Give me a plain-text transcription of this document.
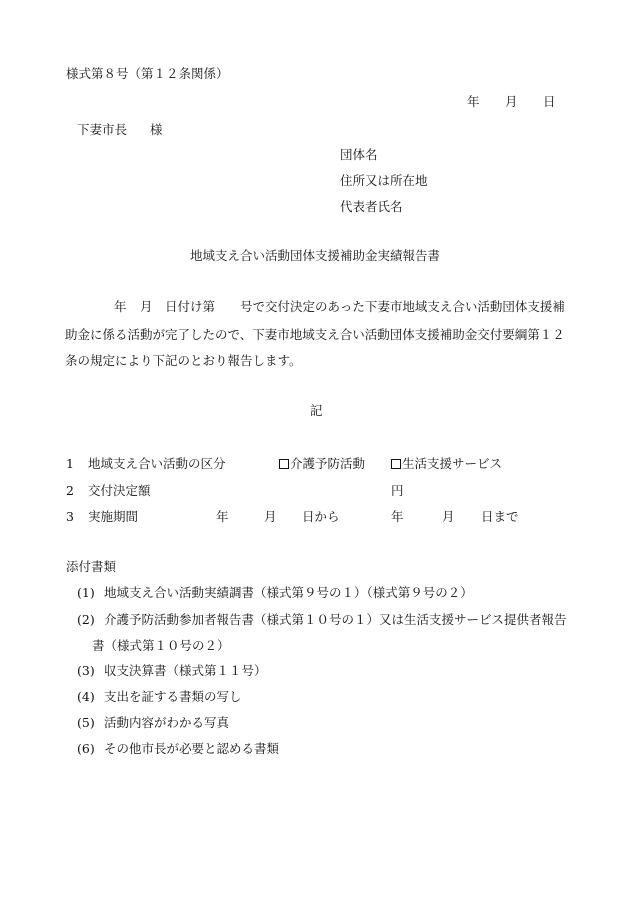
様式第８号（第１２条関係）
年 月 日
下妻市長 様
団体名
住所又は所在地
代表者氏名
地域支え合い活動団体支援補助金実績報告書
年 月 日付け第 号で交付決定のあった下妻市地域支え合い活動団体支援補
助金に係る活動が完了したので、下妻市地域支え合い活動団体支援補助金交付要綱第１２
条の規定により下記のとおり報告します。
記
1 地域支え合い活動の区分	介護予防活動	生活支援サービス
2 交付決定額	円
3 実施期間	年	月 日から	年	月 日まで
添付書類
(1) 地域支え合い活動実績調書（様式第９号の１）（様式第９号の２）
(2) 介護予防活動参加者報告書（様式第１０号の１）又は生活支援サービス提供者報告
書（様式第１０号の２）
(3) 収支決算書（様式第１１号）
(4) 支出を証する書類の写し
(5) 活動内容がわかる写真
(6) その他市長が必要と認める書類
